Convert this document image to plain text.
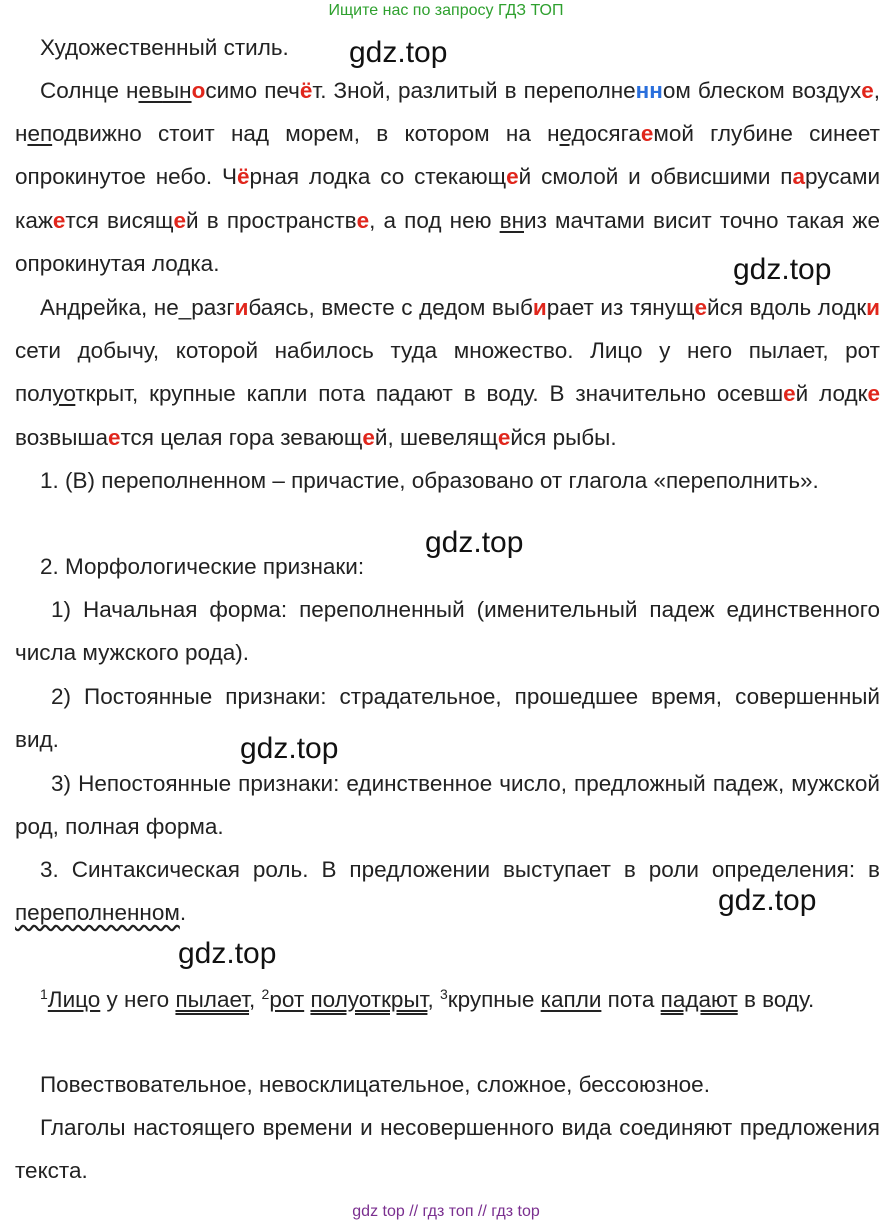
Ищите нас по запросу ГДЗ ТОП
gdz.top
gdz.top
gdz.top
gdz.top
gdz.top
gdz.top

Художественный стиль.

Солнце невыносимо печёт. Зной, разлитый в переполненном блеском воздухе, неподвижно стоит над морем, в котором на недосягаемой глубине синеет опрокинутое небо. Чёрная лодка со стекающей смолой и обвисшими парусами кажется висящей в пространстве, а под нею вниз мачтами висит точно такая же опрокинутая лодка.

Андрейка, не_разгибаясь, вместе с дедом выбирает из тянущейся вдоль лодки сети добычу, которой набилось туда множество. Лицо у него пылает, рот полуоткрыт, крупные капли пота падают в воду. В значительно осевшей лодке возвышается целая гора зевающей, шевелящейся рыбы.

1. (В) переполненном – причастие, образовано от глагола «переполнить».

2. Морфологические признаки:

1) Начальная форма: переполненный (именительный падеж единственного числа мужского рода).

2) Постоянные признаки: страдательное, прошедшее время, совершенный вид.

3) Непостоянные признаки: единственное число, предложный падеж, мужской род, полная форма.

3. Синтаксическая роль. В предложении выступает в роли определения: в переполненном.

$^1$Лицо у него пылает, $^2$рот полуоткрыт, $^3$крупные капли пота падают в воду.

Повествовательное, невосклицательное, сложное, бессоюзное.

Глаголы настоящего времени и несовершенного вида соединяют предложения текста.

gdz top // гдз топ // гдз top
